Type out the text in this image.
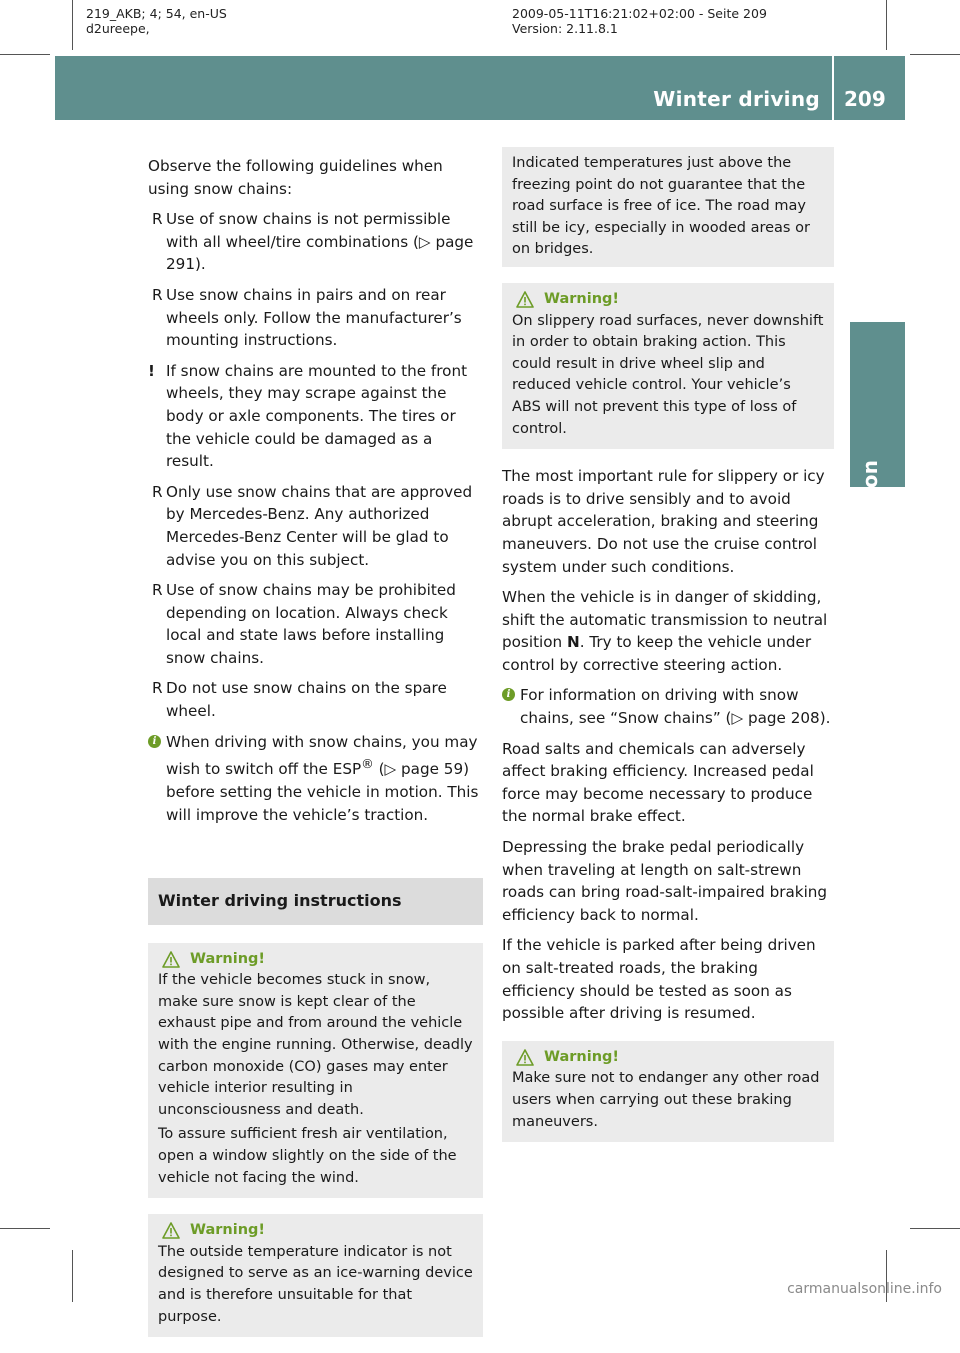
219_AKB; 4; 54, en-US
d2ureepe,
2009-05-11T16:21:02+02:00 - Seite 209
Version: 2.11.8.1
Winter driving 209
Operation

Observe the following guidelines when using snow chains:

R Use of snow chains is not permissible with all wheel/tire combinations (▷ page 291).
R Use snow chains in pairs and on rear wheels only. Follow the manufacturer’s mounting instructions.
! If snow chains are mounted to the front wheels, they may scrape against the body or axle components. The tires or the vehicle could be damaged as a result.
R Only use snow chains that are approved by Mercedes-Benz. Any authorized Mercedes-Benz Center will be glad to advise you on this subject.
R Use of snow chains may be prohibited depending on location. Always check local and state laws before installing snow chains.
R Do not use snow chains on the spare wheel.
i When driving with snow chains, you may wish to switch off the ESP® (▷ page 59) before setting the vehicle in motion. This will improve the vehicle’s traction.
Winter driving instructions
Warning!

If the vehicle becomes stuck in snow, make sure snow is kept clear of the exhaust pipe and from around the vehicle with the engine running. Otherwise, deadly carbon monoxide (CO) gases may enter vehicle interior resulting in unconsciousness and death.

To assure sufficient fresh air ventilation, open a window slightly on the side of the vehicle not facing the wind.

Warning!

The outside temperature indicator is not designed to serve as an ice-warning device and is therefore unsuitable for that purpose.

Indicated temperatures just above the freezing point do not guarantee that the road surface is free of ice. The road may still be icy, especially in wooded areas or on bridges.
Warning!

On slippery road surfaces, never downshift in order to obtain braking action. This could result in drive wheel slip and reduced vehicle control. Your vehicle’s ABS will not prevent this type of loss of control.

The most important rule for slippery or icy roads is to drive sensibly and to avoid abrupt acceleration, braking and steering maneuvers. Do not use the cruise control system under such conditions.

When the vehicle is in danger of skidding, shift the automatic transmission to neutral position N. Try to keep the vehicle under control by corrective steering action.

i For information on driving with snow chains, see “Snow chains” (▷ page 208).

Road salts and chemicals can adversely affect braking efficiency. Increased pedal force may become necessary to produce the normal brake effect.

Depressing the brake pedal periodically when traveling at length on salt-strewn roads can bring road-salt-impaired braking efficiency back to normal.

If the vehicle is parked after being driven on salt-treated roads, the braking efficiency should be tested as soon as possible after driving is resumed.

Warning!

Make sure not to endanger any other road users when carrying out these braking maneuvers.

carmanualsonline.info
